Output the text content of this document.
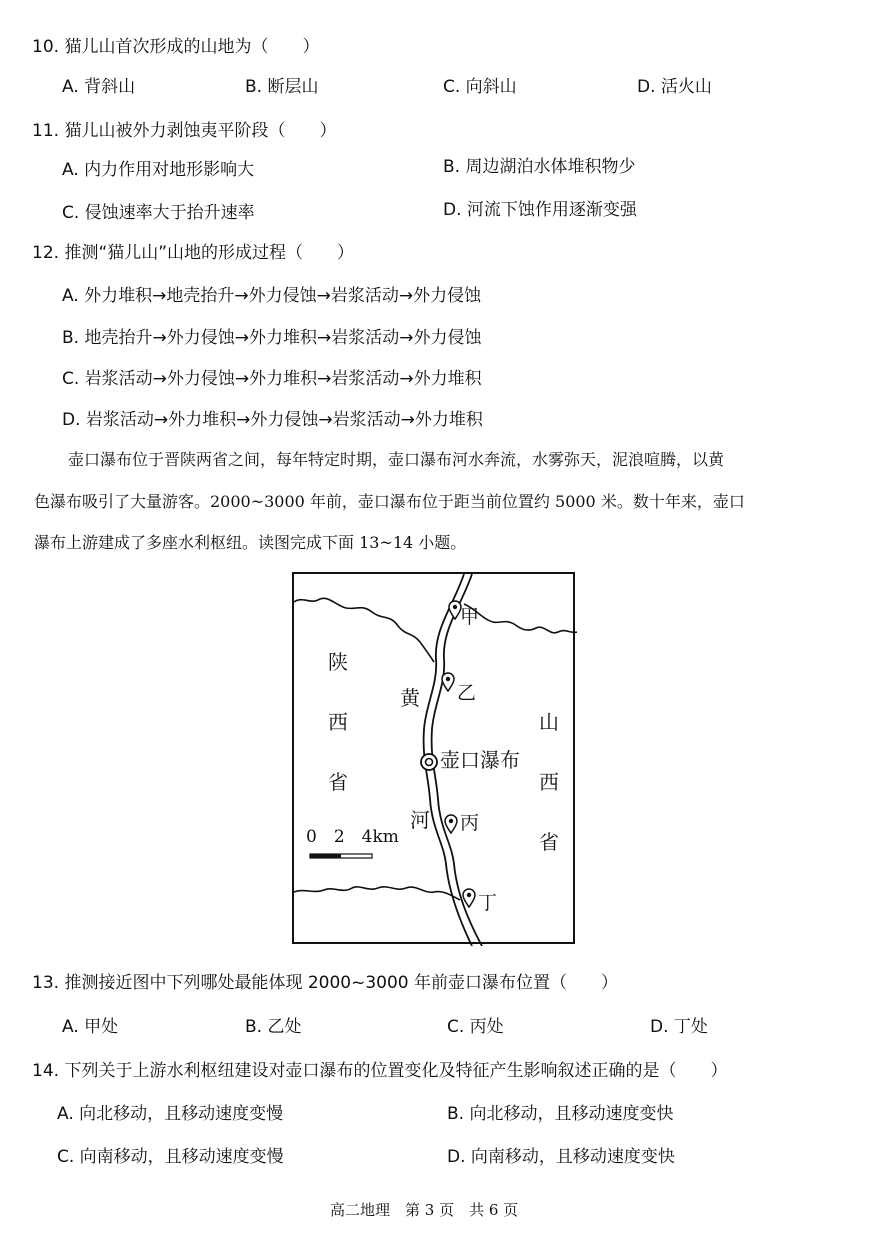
10. 猫儿山首次形成的山地为（　　）
A. 背斜山	B. 断层山	C. 向斜山	D. 活火山
11. 猫儿山被外力剥蚀夷平阶段（　　）
A. 内力作用对地形影响大	B. 周边湖泊水体堆积物少
C. 侵蚀速率大于抬升速率	D. 河流下蚀作用逐渐变强
12. 推测“猫儿山”山地的形成过程（　　）
A. 外力堆积→地壳抬升→外力侵蚀→岩浆活动→外力侵蚀
B. 地壳抬升→外力侵蚀→外力堆积→岩浆活动→外力侵蚀
C. 岩浆活动→外力侵蚀→外力堆积→岩浆活动→外力堆积
D. 岩浆活动→外力堆积→外力侵蚀→岩浆活动→外力堆积
壶口瀑布位于晋陕两省之间，每年特定时期，壶口瀑布河水奔流，水雾弥天，泥浪喧腾，以黄
色瀑布吸引了大量游客。2000~3000 年前，壶口瀑布位于距当前位置约 5000 米。数十年来，壶口
瀑布上游建成了多座水利枢纽。读图完成下面 13~14 小题。
陕
西
省
山
西
省
黄
河
壶口瀑布
甲
乙
丙
丁
0　2　4km
13. 推测接近图中下列哪处最能体现 2000~3000 年前壶口瀑布位置（　　）
A. 甲处	B. 乙处	C. 丙处	D. 丁处
14. 下列关于上游水利枢纽建设对壶口瀑布的位置变化及特征产生影响叙述正确的是（　　）
A. 向北移动，且移动速度变慢	B. 向北移动，且移动速度变快
C. 向南移动，且移动速度变慢	D. 向南移动，且移动速度变快
高二地理　第 3 页　共 6 页
